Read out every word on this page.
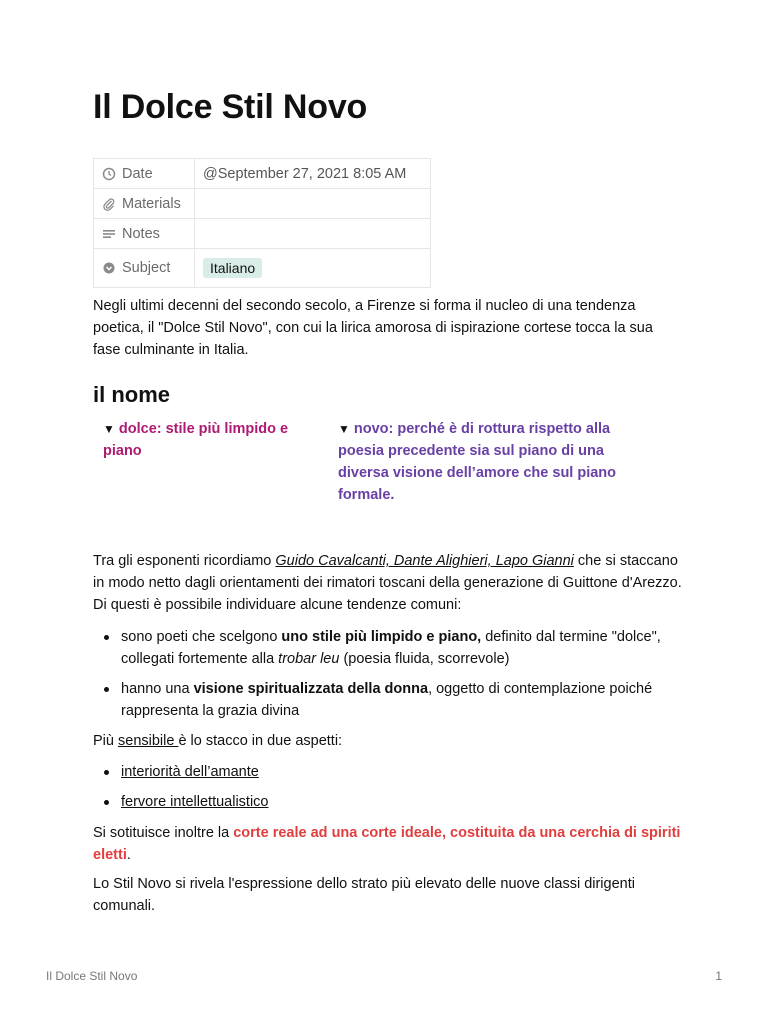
Il Dolce Stil Novo
Date	@September 27, 2021 8:05 AM

Materials	

Notes	

Subject	Italiano

Negli ultimi decenni del secondo secolo, a Firenze si forma il nucleo di una tendenza poetica, il "Dolce Stil Novo", con cui la lirica amorosa di ispirazione cortese tocca la sua fase culminante in Italia.

il nome
▼ dolce: stile più limpido e piano
▼ novo: perché è di rottura rispetto alla poesia precedente sia sul piano di una diversa visione dell’amore che sul piano formale.

Tra gli esponenti ricordiamo Guido Cavalcanti, Dante Alighieri, Lapo Gianni che si staccano in modo netto dagli orientamenti dei rimatori toscani della generazione di Guittone d'Arezzo. Di questi è possibile individuare alcune tendenze comuni:

sono poeti che scelgono uno stile più limpido e piano, definito dal termine "dolce", collegati fortemente alla trobar leu (poesia fluida, scorrevole)
hanno una visione spiritualizzata della donna, oggetto di contemplazione poiché rappresenta la grazia divina

Più sensibile è lo stacco in due aspetti:

interiorità dell’amante
fervore intellettualistico

Si sotituisce inoltre la corte reale ad una corte ideale, costituita da una cerchia di spiriti eletti.

Lo Stil Novo si rivela l'espressione dello strato più elevato delle nuove classi dirigenti comunali.

Il Dolce Stil Novo	1
